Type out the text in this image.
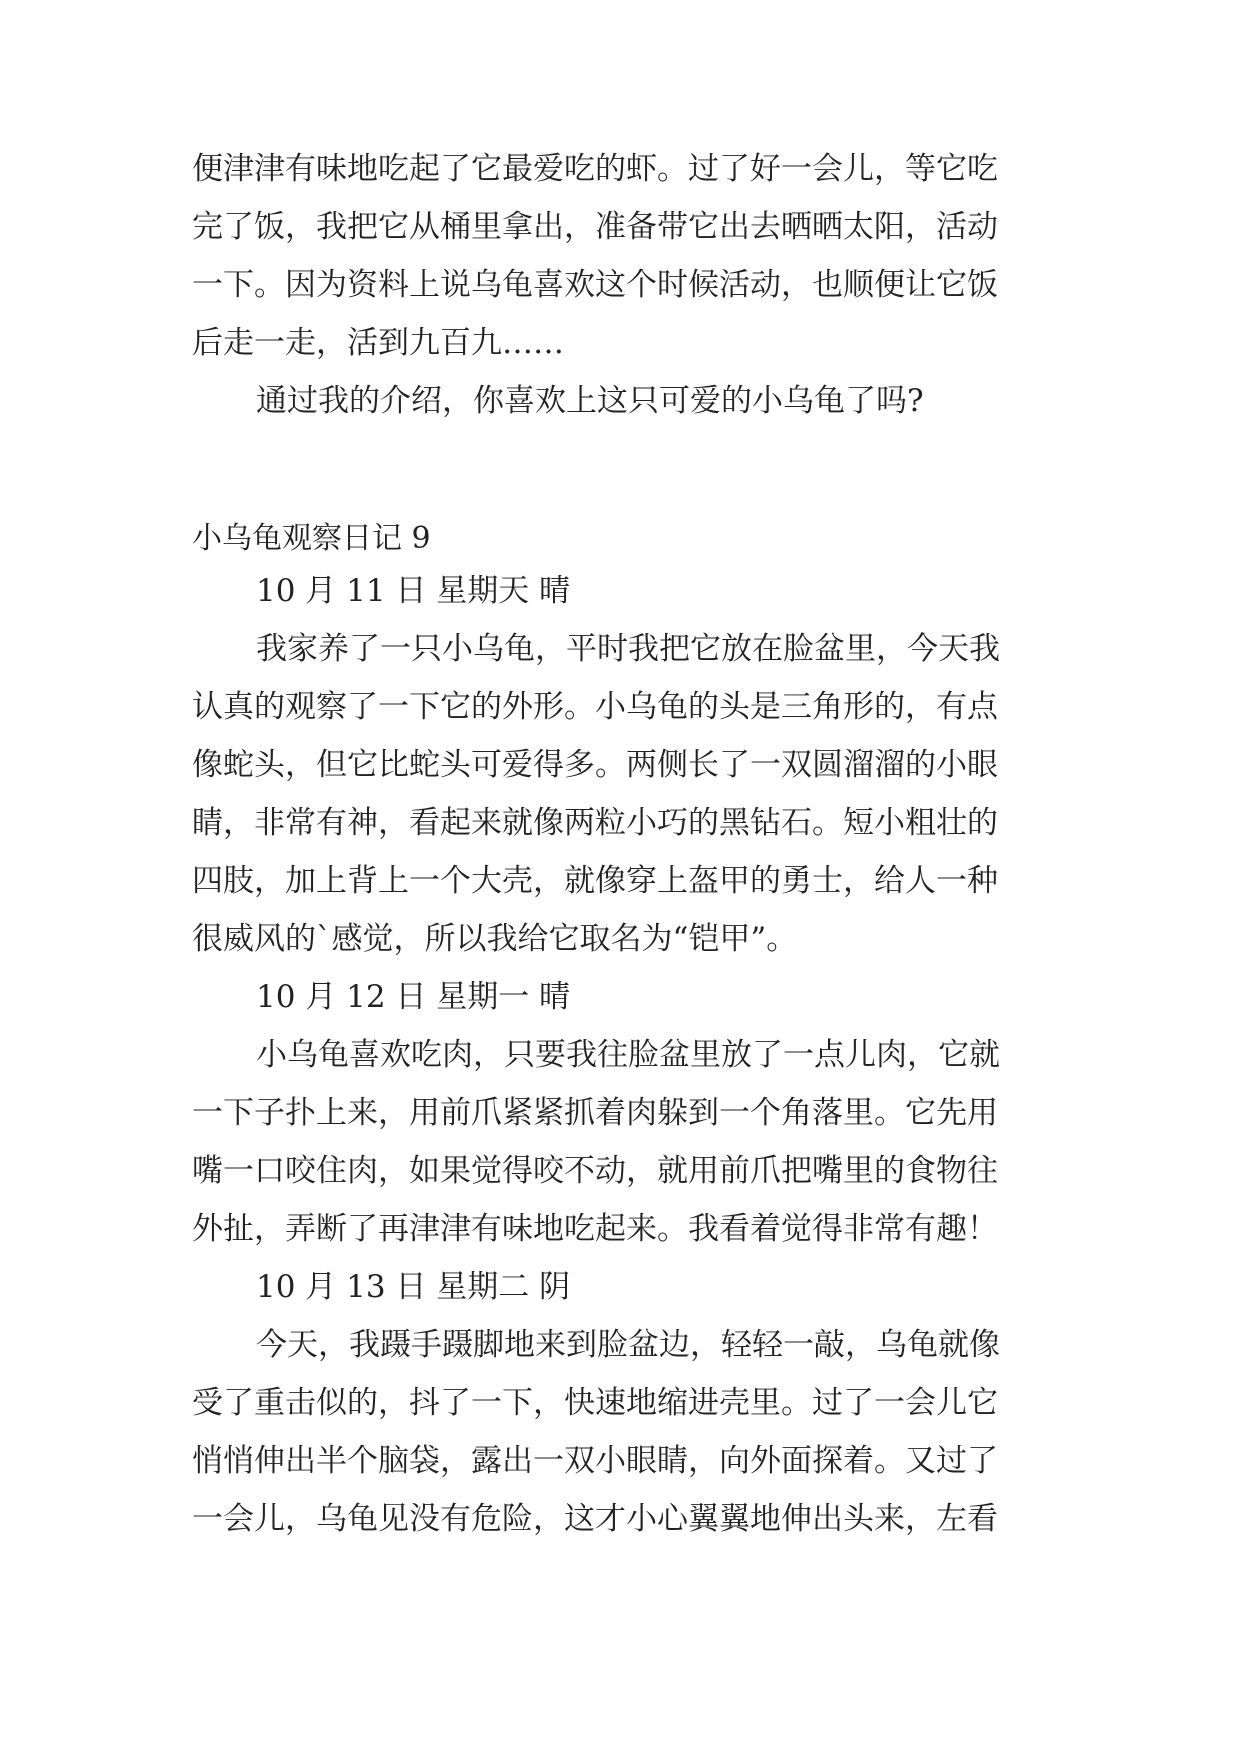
便津津有味地吃起了它最爱吃的虾。过了好一会儿，等它吃
完了饭，我把它从桶里拿出，准备带它出去晒晒太阳，活动
一下。因为资料上说乌龟喜欢这个时候活动，也顺便让它饭
后走一走，活到九百九……
通过我的介绍，你喜欢上这只可爱的小乌龟了吗?
小乌龟观察日记 9
10 月 11 日 星期天 晴
我家养了一只小乌龟，平时我把它放在脸盆里，今天我
认真的观察了一下它的外形。小乌龟的头是三角形的，有点
像蛇头，但它比蛇头可爱得多。两侧长了一双圆溜溜的小眼
睛，非常有神，看起来就像两粒小巧的黑钻石。短小粗壮的
四肢，加上背上一个大壳，就像穿上盔甲的勇士，给人一种
很威风的`感觉，所以我给它取名为“铠甲”。
10 月 12 日 星期一 晴
小乌龟喜欢吃肉，只要我往脸盆里放了一点儿肉，它就
一下子扑上来，用前爪紧紧抓着肉躲到一个角落里。它先用
嘴一口咬住肉，如果觉得咬不动，就用前爪把嘴里的食物往
外扯，弄断了再津津有味地吃起来。我看着觉得非常有趣！
10 月 13 日 星期二 阴
今天，我蹑手蹑脚地来到脸盆边，轻轻一敲，乌龟就像
受了重击似的，抖了一下，快速地缩进壳里。过了一会儿它
悄悄伸出半个脑袋，露出一双小眼睛，向外面探着。又过了
一会儿，乌龟见没有危险，这才小心翼翼地伸出头来，左看
